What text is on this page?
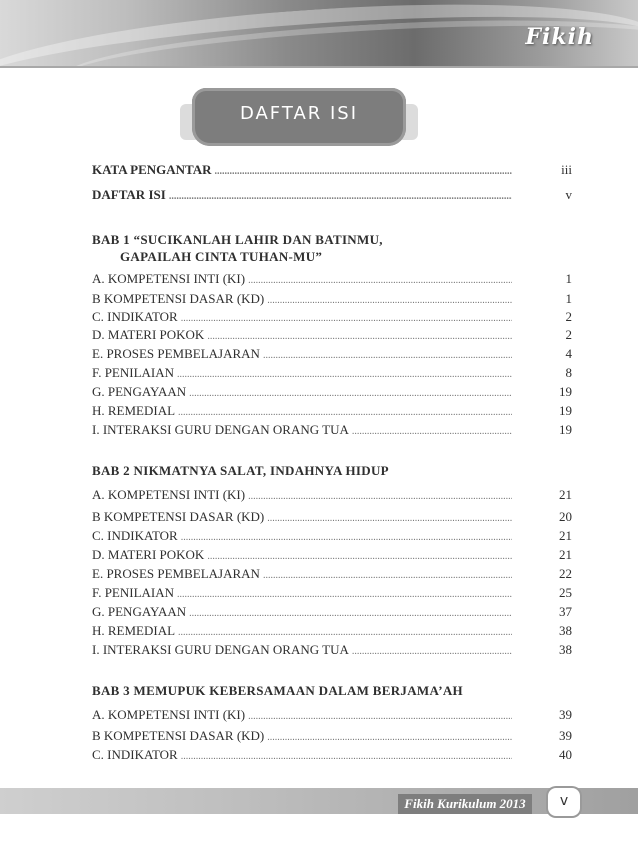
Fikih
DAFTAR ISI
KATA PENGANTAR .....	iii
DAFTAR ISI .....	v
BAB 1 “SUCIKANLAH LAHIR DAN BATINMU,
GAPAILAH CINTA TUHAN-MU”
A. KOMPETENSI INTI (KI) .....	1
B KOMPETENSI DASAR (KD) .....	1
C. INDIKATOR .....	2
D. MATERI POKOK .....	2
E. PROSES PEMBELAJARAN .....	4
F. PENILAIAN .....	8
G. PENGAYAAN .....	19
H. REMEDIAL .....	19
I. INTERAKSI GURU DENGAN ORANG TUA .....	19
BAB 2 NIKMATNYA SALAT, INDAHNYA HIDUP
A. KOMPETENSI INTI (KI) .....	21
B KOMPETENSI DASAR (KD) .....	20
C. INDIKATOR .....	21
D. MATERI POKOK .....	21
E. PROSES PEMBELAJARAN .....	22
F. PENILAIAN .....	25
G. PENGAYAAN .....	37
H. REMEDIAL .....	38
I. INTERAKSI GURU DENGAN ORANG TUA .....	38
BAB 3 MEMUPUK KEBERSAMAAN DALAM BERJAMA’AH
A. KOMPETENSI INTI (KI) .....	39
B KOMPETENSI DASAR (KD) .....	39
C. INDIKATOR .....	40
Fikih Kurikulum 2013	v
